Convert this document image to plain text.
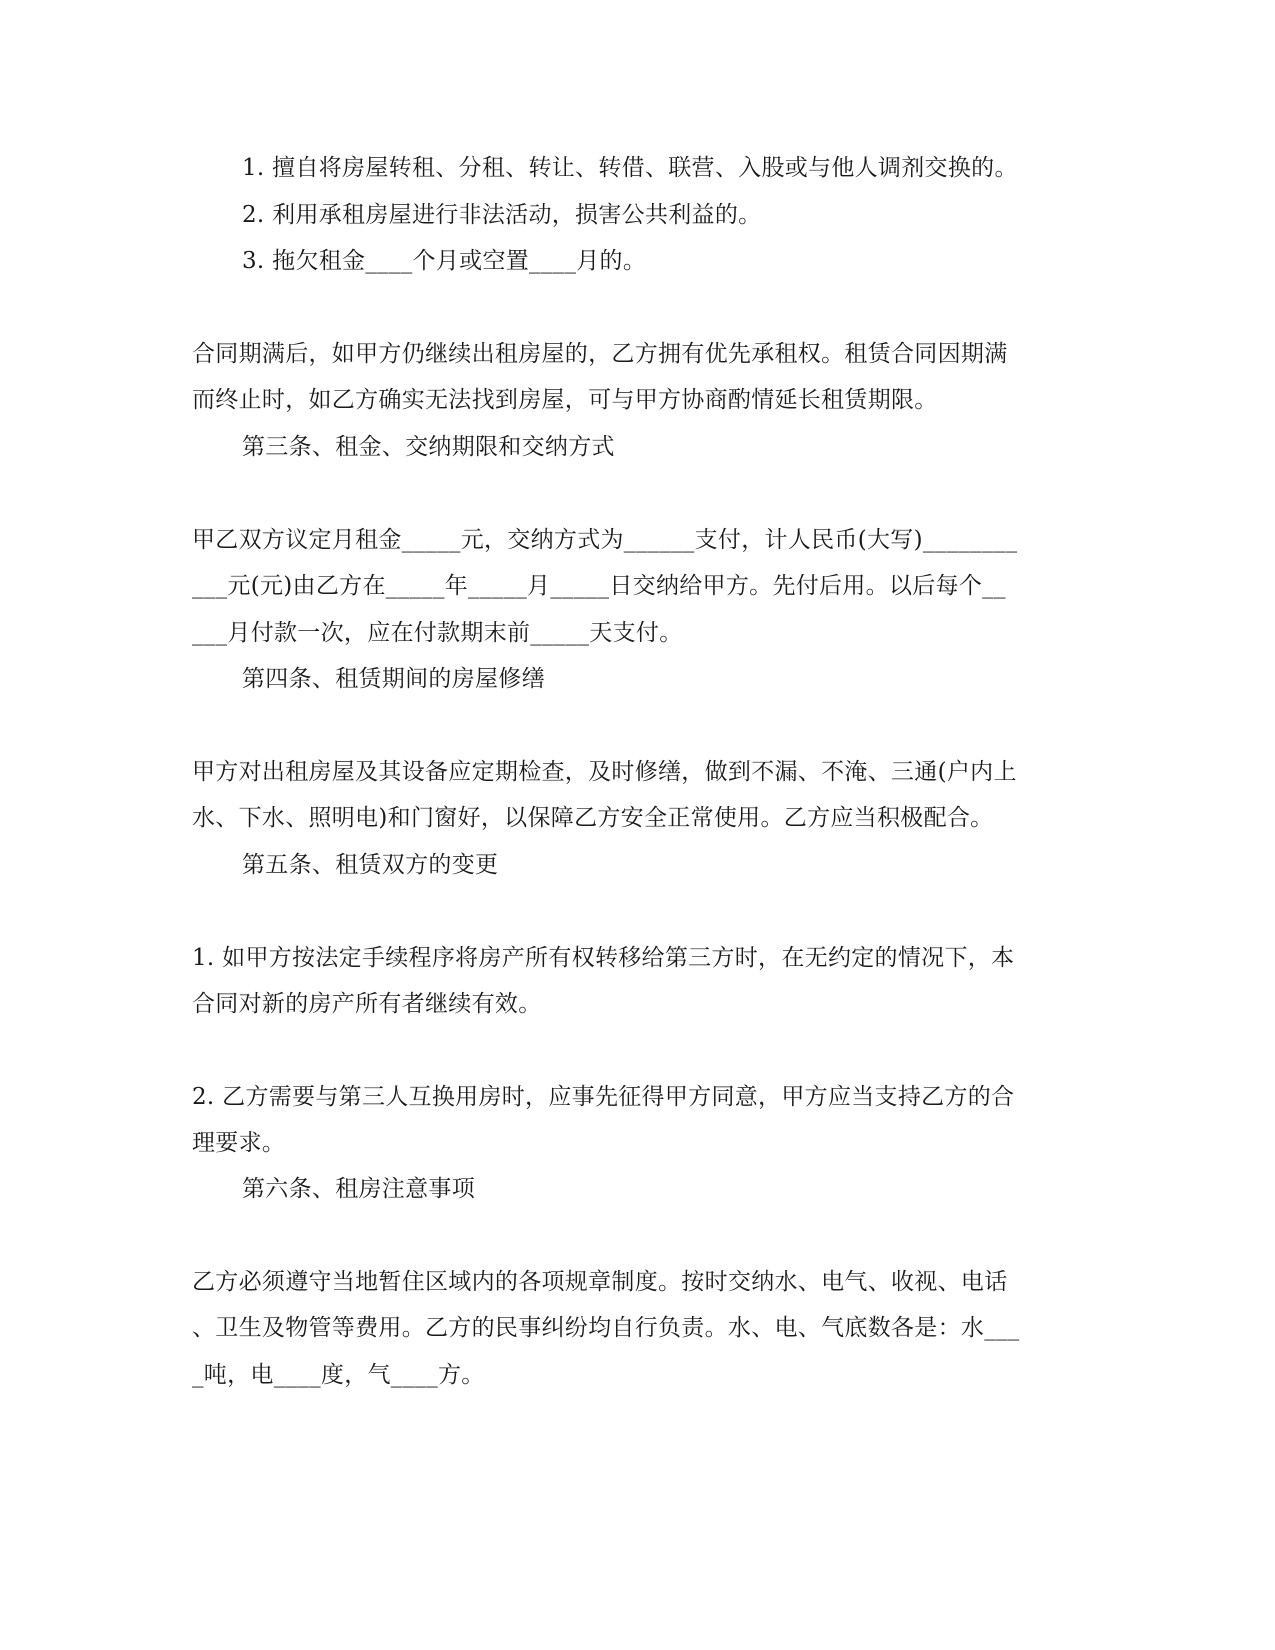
1. 擅自将房屋转租、分租、转让、转借、联营、入股或与他人调剂交换的。
2. 利用承租房屋进行非法活动，损害公共利益的。
3. 拖欠租金____个月或空置____月的。
合同期满后，如甲方仍继续出租房屋的，乙方拥有优先承租权。租赁合同因期满
而终止时，如乙方确实无法找到房屋，可与甲方协商酌情延长租赁期限。
第三条、租金、交纳期限和交纳方式
甲乙双方议定月租金_____元，交纳方式为______支付，计人民币(大写)________
___元(元)由乙方在_____年_____月_____日交纳给甲方。先付后用。以后每个__
___月付款一次，应在付款期末前_____天支付。
第四条、租赁期间的房屋修缮
甲方对出租房屋及其设备应定期检查，及时修缮，做到不漏、不淹、三通(户内上
水、下水、照明电)和门窗好，以保障乙方安全正常使用。乙方应当积极配合。
第五条、租赁双方的变更
1. 如甲方按法定手续程序将房产所有权转移给第三方时，在无约定的情况下，本
合同对新的房产所有者继续有效。
2. 乙方需要与第三人互换用房时，应事先征得甲方同意，甲方应当支持乙方的合
理要求。
第六条、租房注意事项
乙方必须遵守当地暂住区域内的各项规章制度。按时交纳水、电气、收视、电话
、卫生及物管等费用。乙方的民事纠纷均自行负责。水、电、气底数各是：水___
_吨，电____度，气____方。
